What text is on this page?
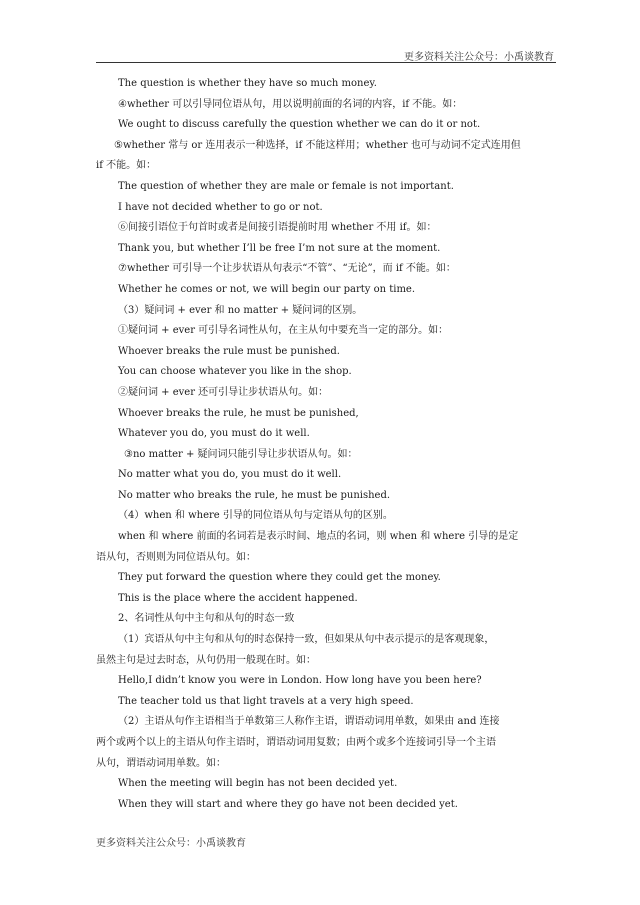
更多资料关注公众号：小禹谈教育
The question is whether they have so much money.
④whether 可以引导同位语从句，用以说明前面的名词的内容，if 不能。如：
We ought to discuss carefully the question whether we can do it or not.
⑤whether 常与 or 连用表示一种选择，if 不能这样用；whether 也可与动词不定式连用但
if 不能。如：
The question of whether they are male or female is not important.
I have not decided whether to go or not.
⑥间接引语位于句首时或者是间接引语提前时用 whether 不用 if。如：
Thank you, but whether I’ll be free I’m not sure at the moment.
⑦whether 可引导一个让步状语从句表示“不管”、“无论”，而 if 不能。如：
Whether he comes or not, we will begin our party on time.
（3）疑问词 + ever 和 no matter + 疑问词的区别。
①疑问词 + ever 可引导名词性从句，在主从句中要充当一定的部分。如：
Whoever breaks the rule must be punished.
You can choose whatever you like in the shop.
②疑问词 + ever 还可引导让步状语从句。如：
Whoever breaks the rule, he must be punished,
Whatever you do, you must do it well.
③no matter + 疑问词只能引导让步状语从句。如：
No matter what you do, you must do it well.
No matter who breaks the rule, he must be punished.
（4）when 和 where 引导的同位语从句与定语从句的区别。
when 和 where 前面的名词若是表示时间、地点的名词，则 when 和 where 引导的是定
语从句，否则则为同位语从句。如：
They put forward the question where they could get the money.
This is the place where the accident happened.
2、名词性从句中主句和从句的时态一致
（1）宾语从句中主句和从句的时态保持一致，但如果从句中表示提示的是客观现象，
虽然主句是过去时态，从句仍用一般现在时。如：
Hello,I didn’t know you were in London. How long have you been here?
The teacher told us that light travels at a very high speed.
（2）主语从句作主语相当于单数第三人称作主语，谓语动词用单数，如果由 and 连接
两个或两个以上的主语从句作主语时，谓语动词用复数；由两个或多个连接词引导一个主语
从句，谓语动词用单数。如：
When the meeting will begin has not been decided yet.
When they will start and where they go have not been decided yet.
更多资料关注公众号：小禹谈教育
